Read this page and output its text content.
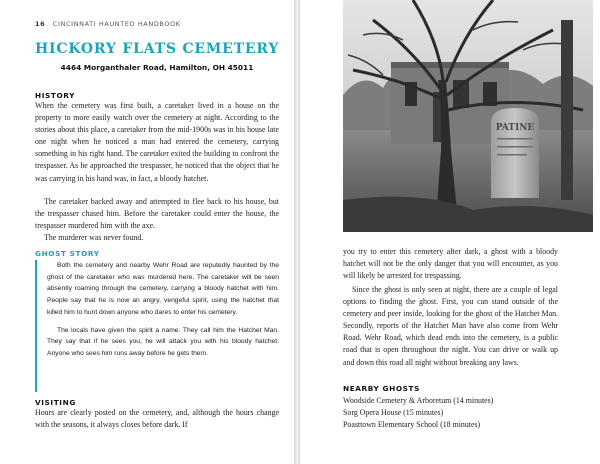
16 CINCINNATI HAUNTED HANDBOOK
HICKORY FLATS CEMETERY
4464 Morganthaler Road, Hamilton, OH 45011
HISTORY

When the cemetery was first built, a caretaker lived in a house on the property to more easily watch over the cemetery at night. According to the stories about this place, a caretaker from the mid-1900s was in his house late one night when he noticed a man had entered the cemetery, carrying something in his right hand. The caretaker exited the building to confront the trespasser. As he approached the trespasser, he noticed that the object that he was carrying in his hand was, in fact, a bloody hatchet.

The caretaker backed away and attempted to flee back to his house, but the trespasser chased him. Before the caretaker could enter the house, the trespasser murdered him with the axe.

The murderer was never found.

GHOST STORY

Both the cemetery and nearby Wehr Road are reputedly haunted by the ghost of the caretaker who was murdered here. The caretaker will be seen absently roaming through the cemetery, carrying a bloody hatchet with him. People say that he is now an angry, vengeful spirit, using the hatchet that killed him to hunt down anyone who dares to enter his cemetery.

The locals have given the spirit a name. They call him the Hatchet Man. They say that if he sees you, he will attack you with his bloody hatchet. Anyone who sees him runs away before he gets them.

VISITING

Hours are clearly posted on the cemetery, and, although the hours change with the seasons, it always closes before dark. If

PATINE

you try to enter this cemetery after dark, a ghost with a bloody hatchet will not be the only danger that you will encounter, as you will likely be arrested for trespassing.

Since the ghost is only seen at night, there are a couple of legal options to finding the ghost. First, you can stand outside of the cemetery and peer inside, looking for the ghost of the Hatchet Man. Secondly, reports of the Hatchet Man have also come from Wehr Road. Wehr Road, which dead ends into the cemetery, is a public road that is open throughout the night. You can drive or walk up and down this road all night without breaking any laws.

NEARBY GHOSTS
Woodside Cemetery & Arboretum (14 minutes)
Sorg Opera House (15 minutes)
Poasttown Elementary School (18 minutes)
